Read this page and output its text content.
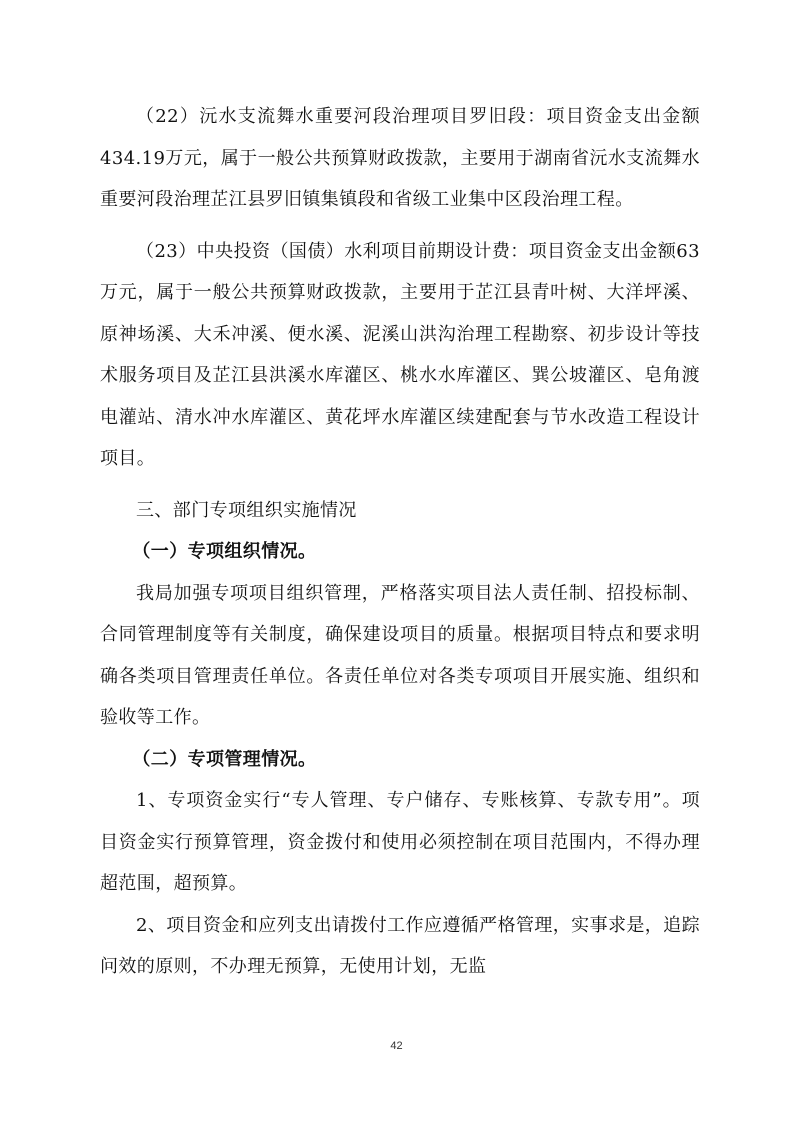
（22）沅水支流舞水重要河段治理项目罗旧段：项目资金支出金额434.19万元，属于一般公共预算财政拨款，主要用于湖南省沅水支流舞水重要河段治理芷江县罗旧镇集镇段和省级工业集中区段治理工程。

（23）中央投资（国债）水利项目前期设计费：项目资金支出金额63万元，属于一般公共预算财政拨款，主要用于芷江县青叶树、大洋坪溪、原神场溪、大禾冲溪、便水溪、泥溪山洪沟治理工程勘察、初步设计等技术服务项目及芷江县洪溪水库灌区、桃水水库灌区、巽公坡灌区、皂角渡电灌站、清水冲水库灌区、黄花坪水库灌区续建配套与节水改造工程设计项目。

三、部门专项组织实施情况

（一）专项组织情况。

我局加强专项项目组织管理，严格落实项目法人责任制、招投标制、合同管理制度等有关制度，确保建设项目的质量。根据项目特点和要求明确各类项目管理责任单位。各责任单位对各类专项项目开展实施、组织和验收等工作。

（二）专项管理情况。

1、专项资金实行“专人管理、专户储存、专账核算、专款专用”。项目资金实行预算管理，资金拨付和使用必须控制在项目范围内，不得办理超范围，超预算。

2、项目资金和应列支出请拨付工作应遵循严格管理，实事求是，追踪问效的原则，不办理无预算，无使用计划，无监

42
